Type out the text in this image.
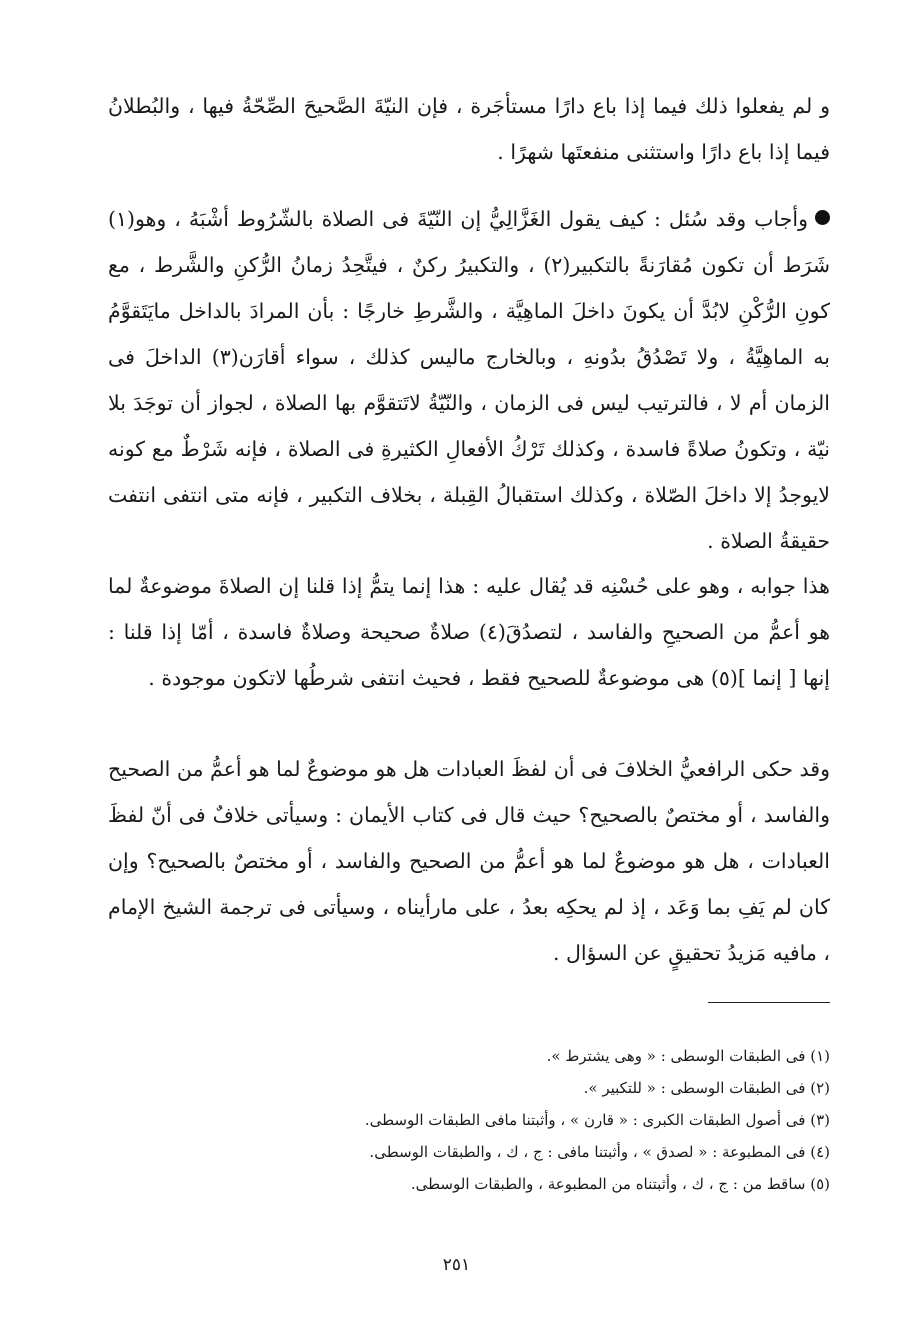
و لم يفعلوا ذلك فيما إذا باع دارًا مستأجَرة ، فإن النيّةَ الصَّحيحَ الصِّحّةُ فيها ، والبُطلانُ فيما إذا باع دارًا واستثنى منفعتَها شهرًا .

وأجاب وقد سُئل : كيف يقول الغَزَّالِيُّ إن النّيّةَ فى الصلاة بالشّرُوط أشْبَهُ ، وهو(١) شَرَط أن تكون مُقارَنةً بالتكبير(٢) ، والتكبيرُ ركنٌ ، فيتَّحِدُ زمانُ الرُّكنِ والشَّرط ، مع كونِ الرُّكْنِ لابُدَّ أن يكونَ داخلَ الماهِيَّة ، والشَّرطِ خارجًا : بأن المرادَ بالداخل مايَتَقوَّمُ به الماهِيَّةُ ، ولا تَصْدُقُ بدُونهِ ، وبالخارج ماليس كذلك ، سواء أقارَن(٣) الداخلَ فى الزمان أم لا ، فالترتيب ليس فى الزمان ، والنّيّةُ لاتَتقوَّم بها الصلاة ، لجواز أن توجَدَ بلا نيّة ، وتكونُ صلاةً فاسدة ، وكذلك تَرْكُ الأفعالِ الكثيرةِ فى الصلاة ، فإنه شَرْطٌ مع كونه لايوجدُ إلا داخلَ الصّلاة ، وكذلك استقبالُ القِبلة ، بخلاف التكبير ، فإنه متى انتفى انتفت حقيقةُ الصلاة .

هذا جوابه ، وهو على حُسْنِه قد يُقال عليه : هذا إنما يتمُّ إذا قلنا إن الصلاةَ موضوعةٌ لما هو أعمُّ من الصحيحِ والفاسد ، لتصدُقَ(٤) صلاةٌ صحيحة وصلاةٌ فاسدة ، أمّا إذا قلنا : إنها [ إنما ](٥) هى موضوعةٌ للصحيح فقط ، فحيث انتفى شرطُها لاتكون موجودة .

وقد حكى الرافعيُّ الخلافَ فى أن لفظَ العبادات هل هو موضوعٌ لما هو أعمُّ من الصحيح والفاسد ، أو مختصٌ بالصحيح؟ حيث قال فى كتاب الأيمان : وسيأتى خلافٌ فى أنّ لفظَ العبادات ، هل هو موضوعٌ لما هو أعمُّ من الصحيح والفاسد ، أو مختصٌ بالصحيح؟ وإن كان لم يَفِ بما وَعَد ، إذ لم يحكِه بعدُ ، على مارأيناه ، وسيأتى فى ترجمة الشيخ الإمام ، مافيه مَزيدُ تحقيقٍ عن السؤال .

(١) فى الطبقات الوسطى : « وهى يشترط ».
(٢) فى الطبقات الوسطى : « للتكبير ».
(٣) فى أصول الطبقات الكبرى : « قارن » ، وأثبتنا مافى الطبقات الوسطى.
(٤) فى المطبوعة : « لصدق » ، وأثبتنا مافى : ج ، ك ، والطبقات الوسطى.
(٥) ساقط من : ج ، ك ، وأثبتناه من المطبوعة ، والطبقات الوسطى.
٢٥١
